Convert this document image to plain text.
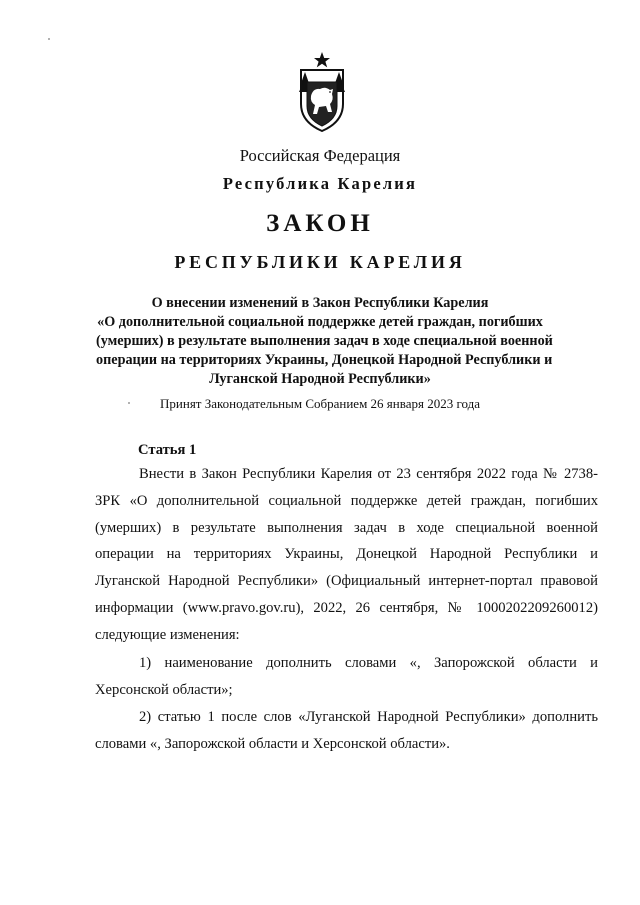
Российская Федерация
Республика Карелия
ЗАКОН
РЕСПУБЛИКИ КАРЕЛИЯ
О внесении изменений в Закон Республики Карелия
«О дополнительной социальной поддержке детей граждан, погибших
(умерших) в результате выполнения задач в ходе специальной военной
операции на территориях Украины, Донецкой Народной Республики и
Луганской Народной Республики»
Принят Законодательным Собранием 26 января 2023 года
Статья 1
Внести в Закон Республики Карелия от 23 сентября 2022 года № 2738-ЗРК «О дополнительной социальной поддержке детей граждан, погибших (умерших) в результате выполнения задач в ходе специальной военной операции на территориях Украины, Донецкой Народной Республики и Луганской Народной Республики» (Официальный интернет-портал правовой информации (www.pravo.gov.ru), 2022, 26 сентября, № 1000202209260012) следующие изменения:
1) наименование дополнить словами «, Запорожской области и Херсонской области»;
2) статью 1 после слов «Луганской Народной Республики» дополнить словами «, Запорожской области и Херсонской области».
